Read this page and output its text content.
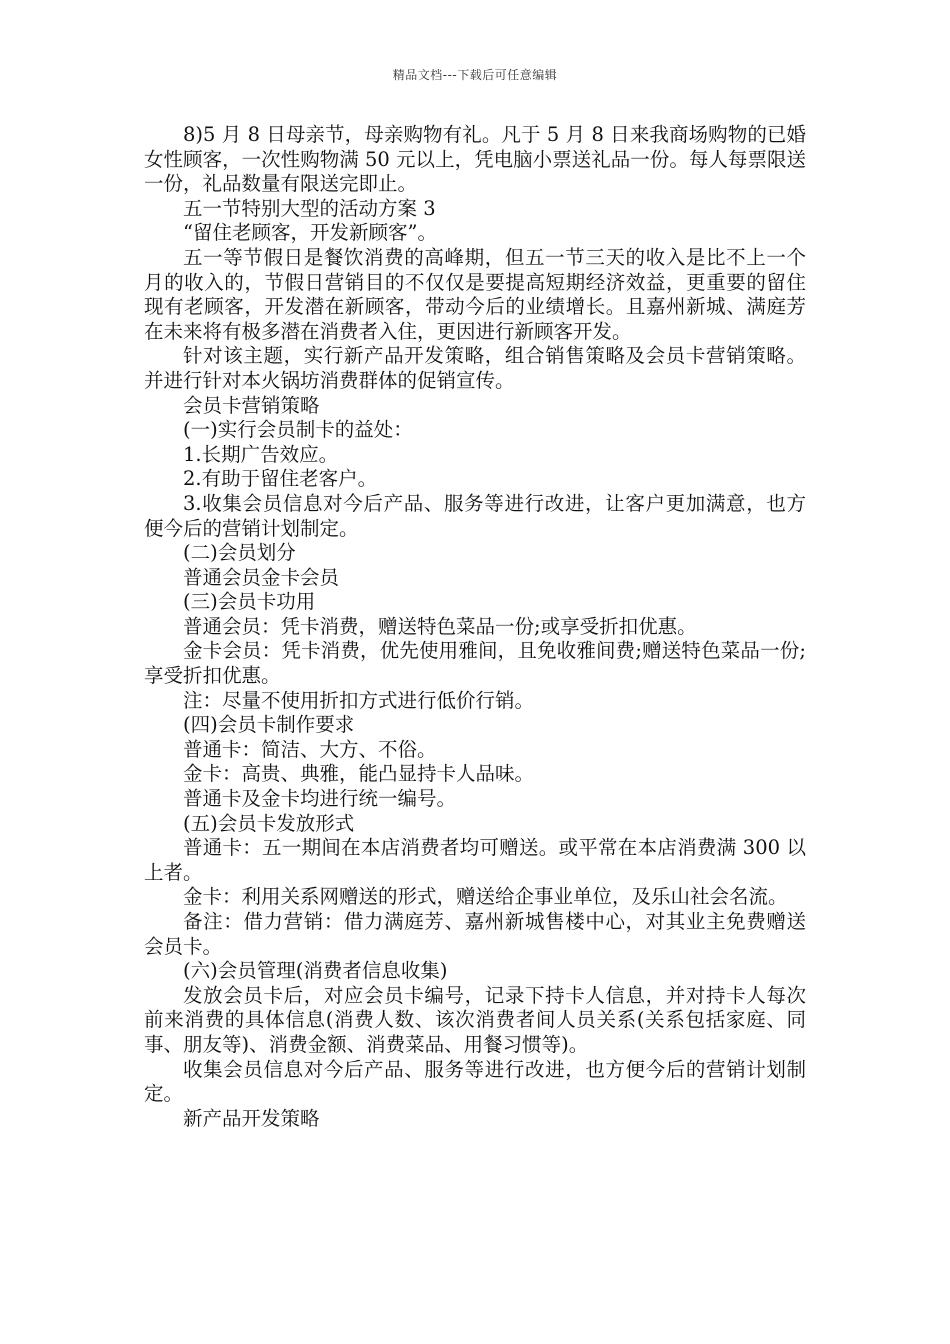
精品文档---下载后可任意编辑

8)5 月 8 日母亲节，母亲购物有礼。凡于 5 月 8 日来我商场购物的已婚女性顾客，一次性购物满 50 元以上，凭电脑小票送礼品一份。每人每票限送一份，礼品数量有限送完即止。

五一节特别大型的活动方案 3

“留住老顾客，开发新顾客”。

五一等节假日是餐饮消费的高峰期，但五一节三天的收入是比不上一个月的收入的，节假日营销目的不仅仅是要提高短期经济效益，更重要的留住现有老顾客，开发潜在新顾客，带动今后的业绩增长。且嘉州新城、满庭芳在未来将有极多潜在消费者入住，更因进行新顾客开发。

针对该主题，实行新产品开发策略，组合销售策略及会员卡营销策略。并进行针对本火锅坊消费群体的促销宣传。

会员卡营销策略

(一)实行会员制卡的益处：

1.长期广告效应。

2.有助于留住老客户。

3.收集会员信息对今后产品、服务等进行改进，让客户更加满意，也方便今后的营销计划制定。

(二)会员划分

普通会员金卡会员

(三)会员卡功用

普通会员：凭卡消费，赠送特色菜品一份;或享受折扣优惠。

金卡会员：凭卡消费，优先使用雅间，且免收雅间费;赠送特色菜品一份;享受折扣优惠。

注：尽量不使用折扣方式进行低价行销。

(四)会员卡制作要求

普通卡：简洁、大方、不俗。

金卡：高贵、典雅，能凸显持卡人品味。

普通卡及金卡均进行统一编号。

(五)会员卡发放形式

普通卡：五一期间在本店消费者均可赠送。或平常在本店消费满 300 以上者。

金卡：利用关系网赠送的形式，赠送给企事业单位，及乐山社会名流。

备注：借力营销：借力满庭芳、嘉州新城售楼中心，对其业主免费赠送会员卡。

(六)会员管理(消费者信息收集)

发放会员卡后，对应会员卡编号，记录下持卡人信息，并对持卡人每次前来消费的具体信息(消费人数、该次消费者间人员关系(关系包括家庭、同事、朋友等)、消费金额、消费菜品、用餐习惯等)。

收集会员信息对今后产品、服务等进行改进，也方便今后的营销计划制定。

新产品开发策略
